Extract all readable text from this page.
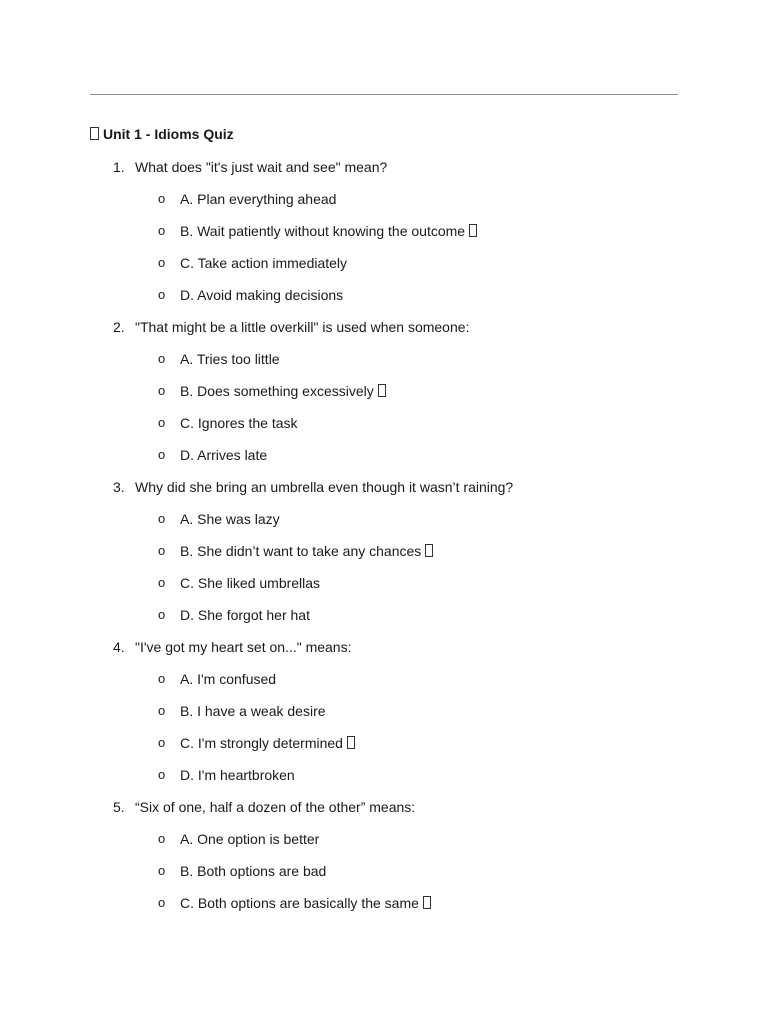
Unit 1 - Idioms Quiz
1. What does "it's just wait and see" mean?
o A. Plan everything ahead
o B. Wait patiently without knowing the outcome
o C. Take action immediately
o D. Avoid making decisions
2. "That might be a little overkill" is used when someone:
o A. Tries too little
o B. Does something excessively
o C. Ignores the task
o D. Arrives late
3. Why did she bring an umbrella even though it wasn’t raining?
o A. She was lazy
o B. She didn’t want to take any chances
o C. She liked umbrellas
o D. She forgot her hat
4. "I've got my heart set on..." means:
o A. I'm confused
o B. I have a weak desire
o C. I'm strongly determined
o D. I'm heartbroken
5. “Six of one, half a dozen of the other” means:
o A. One option is better
o B. Both options are bad
o C. Both options are basically the same
